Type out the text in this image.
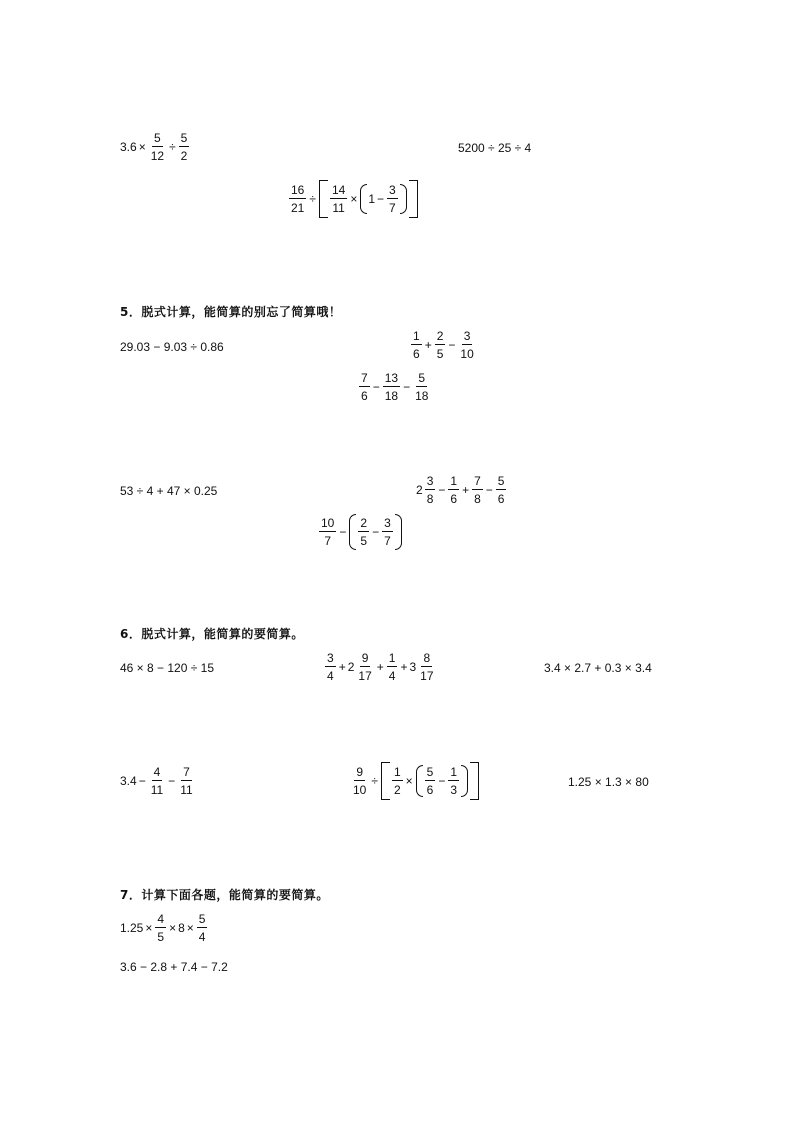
$3.6 \times \frac{5}{12} \div \frac{5}{2}$	5200 ÷ 25 ÷ 4
$\frac{16}{21} \div \frac{14}{11} \times 1 - \frac{3}{7}$
5．脱式计算，能简算的别忘了简算哦！
29.03 − 9.03 ÷ 0.86	$\frac{1}{6} + \frac{2}{5} - \frac{3}{10}$
$\frac{7}{6} - \frac{13}{18} - \frac{5}{18}$
53 ÷ 4 + 47 × 0.25	$2 \frac{3}{8} - \frac{1}{6} + \frac{7}{8} - \frac{5}{6}$
$\frac{10}{7} - \frac{2}{5} - \frac{3}{7}$
6．脱式计算，能简算的要简算。
46 × 8 − 120 ÷ 15	$\frac{3}{4} + 2 \frac{9}{17} + \frac{1}{4} + 3 \frac{8}{17}$	3.4 × 2.7 + 0.3 × 3.4
$3.4 - \frac{4}{11} - \frac{7}{11}$	$\frac{9}{10} \div \frac{1}{2} \times \frac{5}{6} - \frac{1}{3}$	1.25 × 1.3 × 80
7．计算下面各题，能简算的要简算。
$1.25 \times \frac{4}{5} \times 8 \times \frac{5}{4}$
3.6 − 2.8 + 7.4 − 7.2
